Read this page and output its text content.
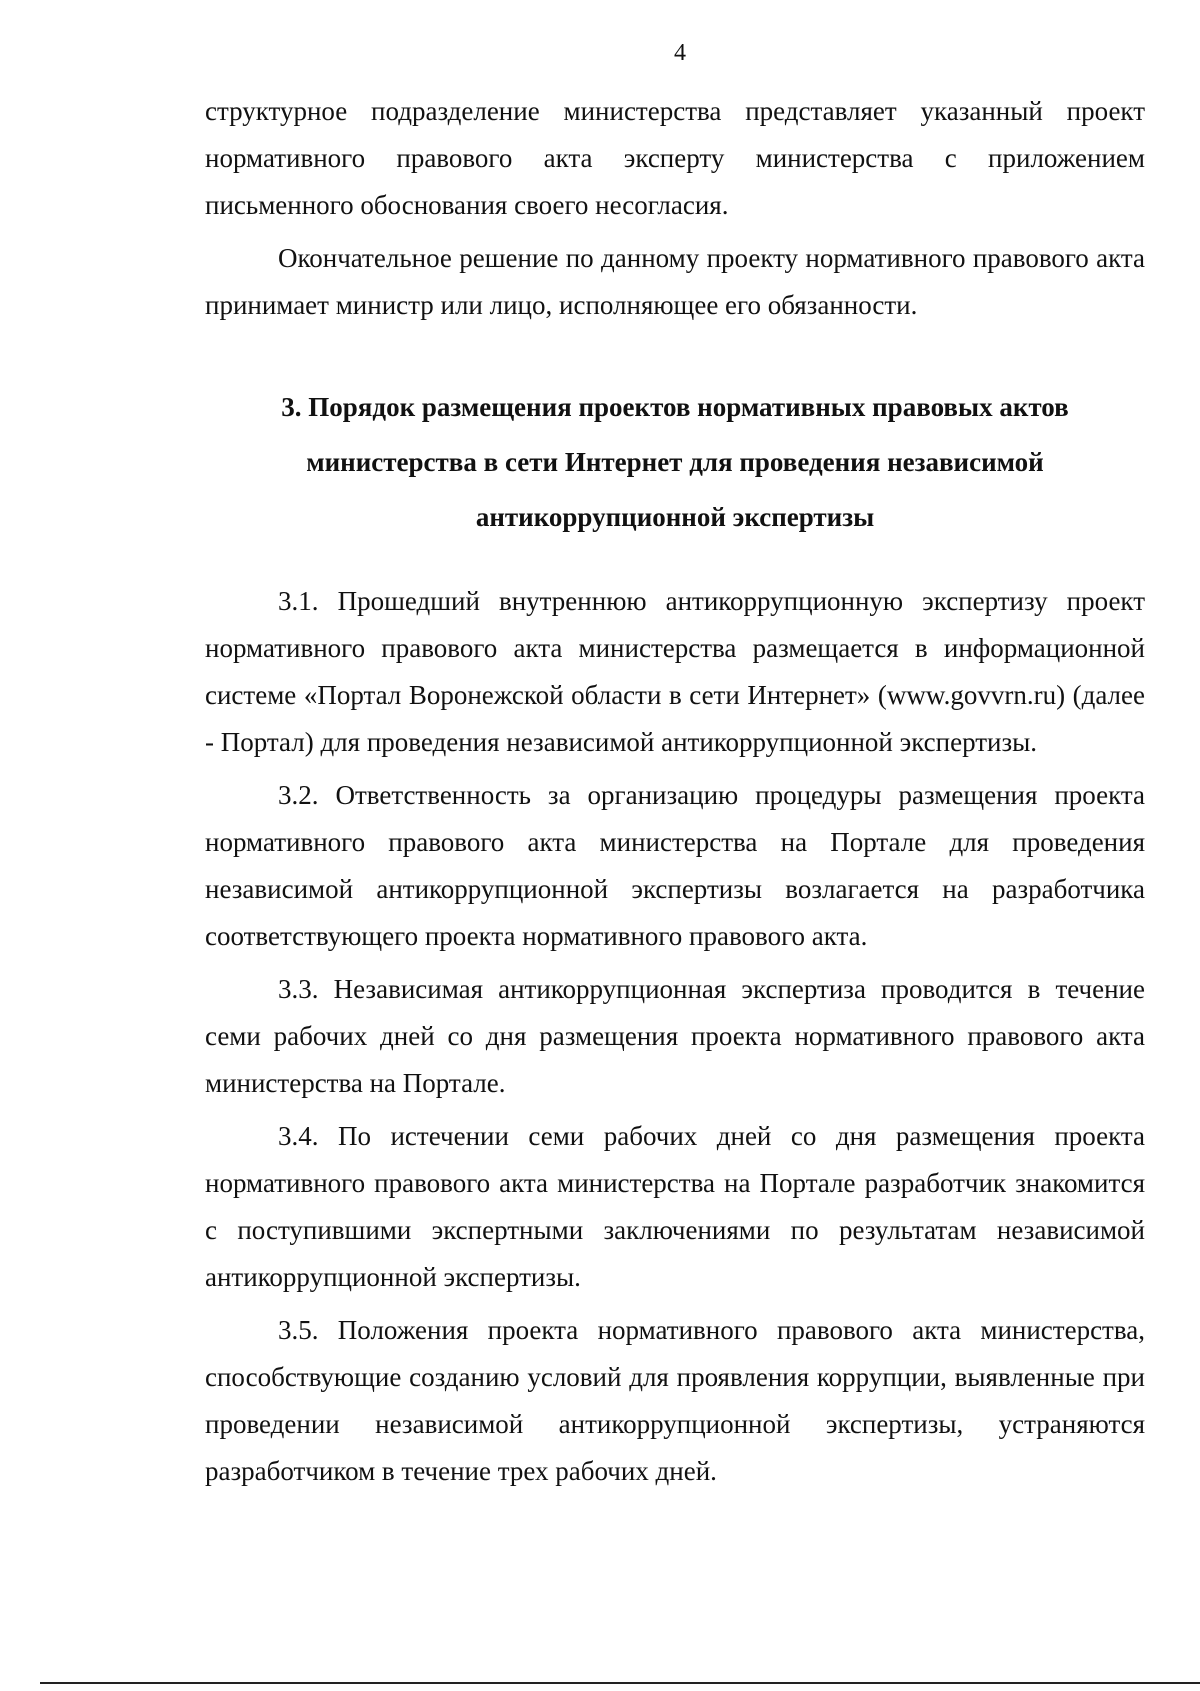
4

структурное подразделение министерства представляет указанный проект нормативного правового акта эксперту министерства с приложением письменного обоснования своего несогласия.

Окончательное решение по данному проекту нормативного правового акта принимает министр или лицо, исполняющее его обязанности.

3. Порядок размещения проектов нормативных правовых актов
министерства в сети Интернет для проведения независимой
антикоррупционной экспертизы

3.1. Прошедший внутреннюю антикоррупционную экспертизу проект нормативного правового акта министерства размещается в информационной системе «Портал Воронежской области в сети Интернет» (www.govvrn.ru) (далее - Портал) для проведения независимой антикоррупционной экспертизы.

3.2. Ответственность за организацию процедуры размещения проекта нормативного правового акта министерства на Портале для проведения независимой антикоррупционной экспертизы возлагается на разработчика соответствующего проекта нормативного правового акта.

3.3. Независимая антикоррупционная экспертиза проводится в течение семи рабочих дней со дня размещения проекта нормативного правового акта министерства на Портале.

3.4. По истечении семи рабочих дней со дня размещения проекта нормативного правового акта министерства на Портале разработчик знакомится с поступившими экспертными заключениями по результатам независимой антикоррупционной экспертизы.

3.5. Положения проекта нормативного правового акта министерства, способствующие созданию условий для проявления коррупции, выявленные при проведении независимой антикоррупционной экспертизы, устраняются разработчиком в течение трех рабочих дней.
